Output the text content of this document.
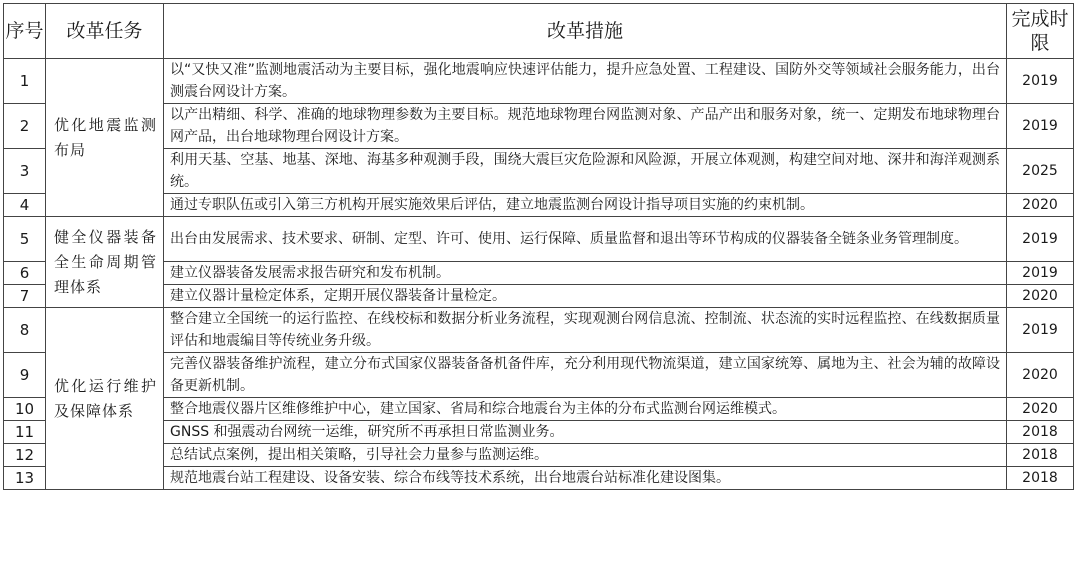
序号	改革任务	改革措施	完成时限
1	优化地震监测布局	以“又快又准”监测地震活动为主要目标，强化地震响应快速评估能力，提升应急处置、工程建设、国防外交等领域社会服务能力，出台测震台网设计方案。	2019
2		以产出精细、科学、准确的地球物理参数为主要目标。规范地球物理台网监测对象、产品产出和服务对象，统一、定期发布地球物理台网产品，出台地球物理台网设计方案。	2019
3		利用天基、空基、地基、深地、海基多种观测手段，围绕大震巨灾危险源和风险源，开展立体观测，构建空间对地、深井和海洋观测系统。	2025
4		通过专职队伍或引入第三方机构开展实施效果后评估，建立地震监测台网设计指导项目实施的约束机制。	2020
5	健全仪器装备全生命周期管理体系	出台由发展需求、技术要求、研制、定型、许可、使用、运行保障、质量监督和退出等环节构成的仪器装备全链条业务管理制度。	2019
6		建立仪器装备发展需求报告研究和发布机制。	2019
7		建立仪器计量检定体系，定期开展仪器装备计量检定。	2020
8	优化运行维护及保障体系	整合建立全国统一的运行监控、在线校标和数据分析业务流程，实现观测台网信息流、控制流、状态流的实时远程监控、在线数据质量评估和地震编目等传统业务升级。	2019
9		完善仪器装备维护流程，建立分布式国家仪器装备备机备件库，充分利用现代物流渠道，建立国家统筹、属地为主、社会为辅的故障设备更新机制。	2020
10		整合地震仪器片区维修维护中心，建立国家、省局和综合地震台为主体的分布式监测台网运维模式。	2020
11		GNSS 和强震动台网统一运维，研究所不再承担日常监测业务。	2018
12		总结试点案例，提出相关策略，引导社会力量参与监测运维。	2018
13		规范地震台站工程建设、设备安装、综合布线等技术系统，出台地震台站标准化建设图集。	2018
